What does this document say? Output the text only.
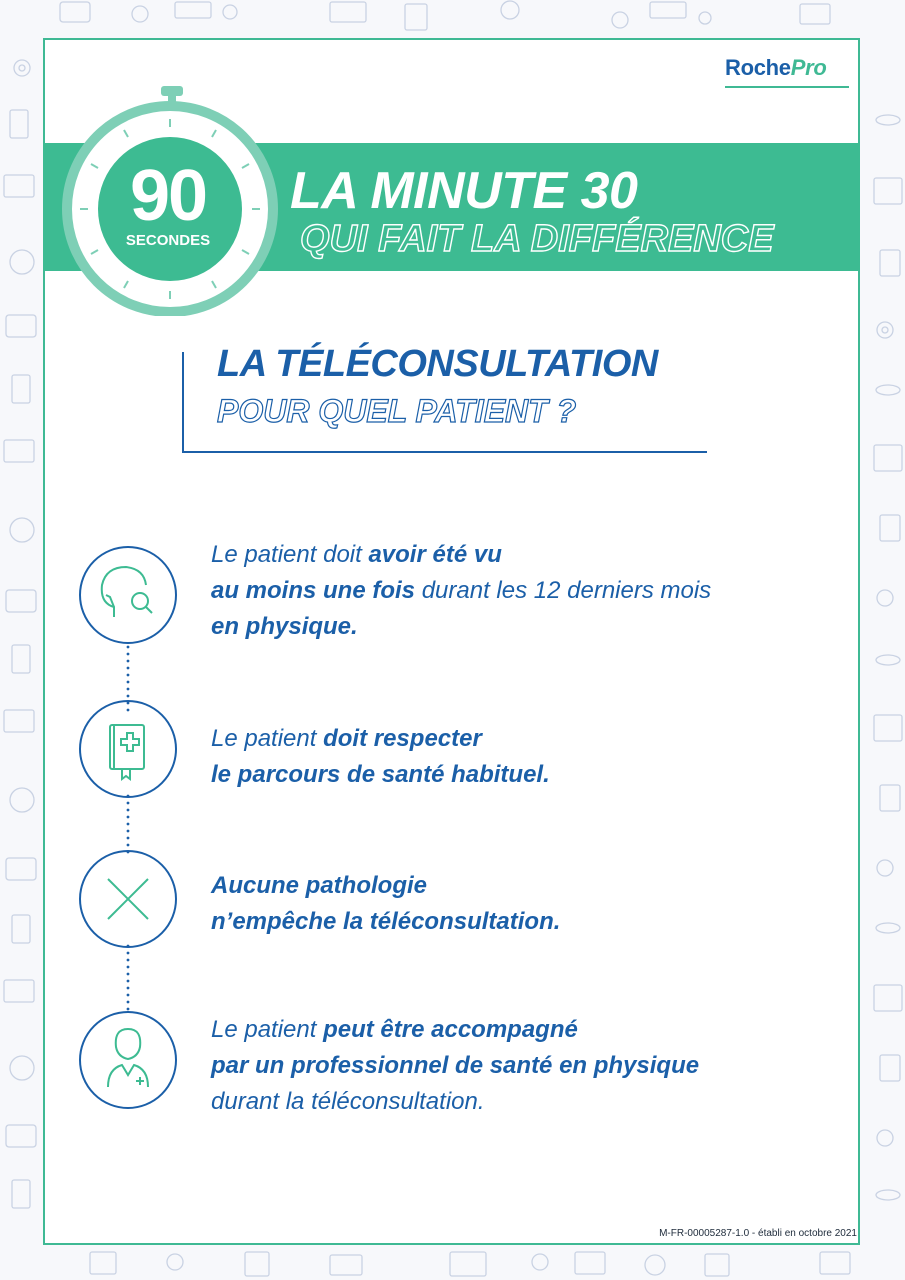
RochePro
90
SECONDES
LA MINUTE 30
QUI FAIT LA DIFFÉRENCE
LA TÉLÉCONSULTATION
POUR QUEL PATIENT ?
Le patient doit avoir été vu
au moins une fois durant les 12 derniers mois
en physique.
Le patient doit respecter
le parcours de santé habituel.
Aucune pathologie
n’empêche la téléconsultation.
Le patient peut être accompagné
par un professionnel de santé en physique
durant la téléconsultation.
M-FR-00005287-1.0 - établi en octobre 2021
